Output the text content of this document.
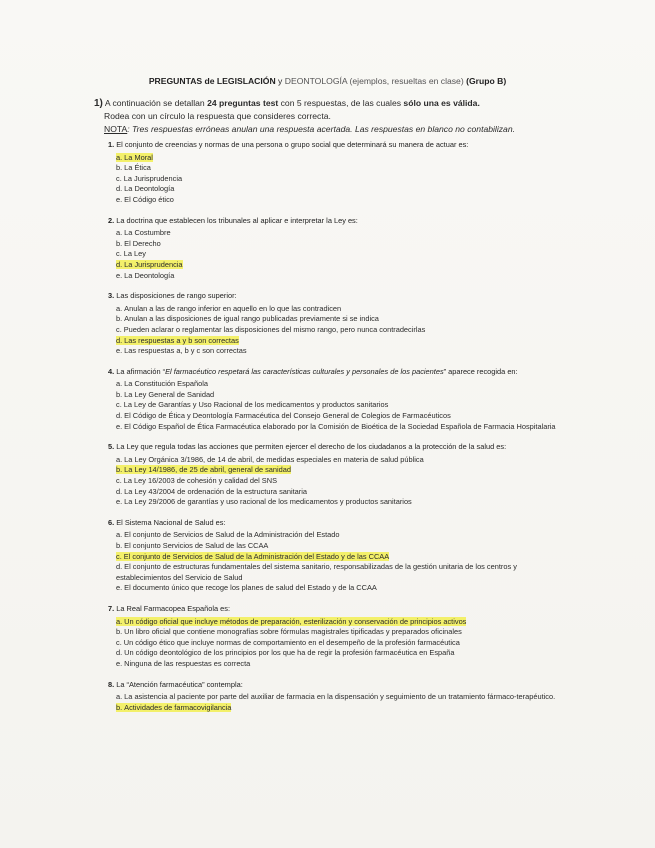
PREGUNTAS de LEGISLACIÓN y DEONTOLOGÍA (ejemplos, resueltas en clase) (Grupo B)
1) A continuación se detallan 24 preguntas test con 5 respuestas, de las cuales sólo una es válida.
Rodea con un círculo la respuesta que consideres correcta.
NOTA: Tres respuestas erróneas anulan una respuesta acertada. Las respuestas en blanco no contabilizan.
1. El conjunto de creencias y normas de una persona o grupo social que determinará su manera de actuar es:
a. La Moral
b. La Ética
c. La Jurisprudencia
d. La Deontología
e. El Código ético
2. La doctrina que establecen los tribunales al aplicar e interpretar la Ley es:
a. La Costumbre
b. El Derecho
c. La Ley
d. La Jurisprudencia
e. La Deontología
3. Las disposiciones de rango superior:
a. Anulan a las de rango inferior en aquello en lo que las contradicen
b. Anulan a las disposiciones de igual rango publicadas previamente si se indica
c. Pueden aclarar o reglamentar las disposiciones del mismo rango, pero nunca contradecirlas
d. Las respuestas a y b son correctas
e. Las respuestas a, b y c son correctas
4. La afirmación “El farmacéutico respetará las características culturales y personales de los pacientes” aparece recogida en:
a. La Constitución Española
b. La Ley General de Sanidad
c. La Ley de Garantías y Uso Racional de los medicamentos y productos sanitarios
d. El Código de Ética y Deontología Farmacéutica del Consejo General de Colegios de Farmacéuticos
e. El Código Español de Ética Farmacéutica elaborado por la Comisión de Bioética de la Sociedad Española de Farmacia Hospitalaria
5. La Ley que regula todas las acciones que permiten ejercer el derecho de los ciudadanos a la protección de la salud es:
a. La Ley Orgánica 3/1986, de 14 de abril, de medidas especiales en materia de salud pública
b. La Ley 14/1986, de 25 de abril, general de sanidad
c. La Ley 16/2003 de cohesión y calidad del SNS
d. La Ley 43/2004 de ordenación de la estructura sanitaria
e. La Ley 29/2006 de garantías y uso racional de los medicamentos y productos sanitarios
6. El Sistema Nacional de Salud es:
a. El conjunto de Servicios de Salud de la Administración del Estado
b. El conjunto Servicios de Salud de las CCAA
c. El conjunto de Servicios de Salud de la Administración del Estado y de las CCAA
d. El conjunto de estructuras fundamentales del sistema sanitario, responsabilizadas de la gestión unitaria de los centros y establecimientos del Servicio de Salud
e. El documento único que recoge los planes de salud del Estado y de la CCAA
7. La Real Farmacopea Española es:
a. Un código oficial que incluye métodos de preparación, esterilización y conservación de principios activos
b. Un libro oficial que contiene monografías sobre fórmulas magistrales tipificadas y preparados oficinales
c. Un código ético que incluye normas de comportamiento en el desempeño de la profesión farmacéutica
d. Un código deontológico de los principios por los que ha de regir la profesión farmacéutica en España
e. Ninguna de las respuestas es correcta
8. La “Atención farmacéutica” contempla:
a. La asistencia al paciente por parte del auxiliar de farmacia en la dispensación y seguimiento de un tratamiento fármaco-terapéutico.
b. Actividades de farmacovigilancia
